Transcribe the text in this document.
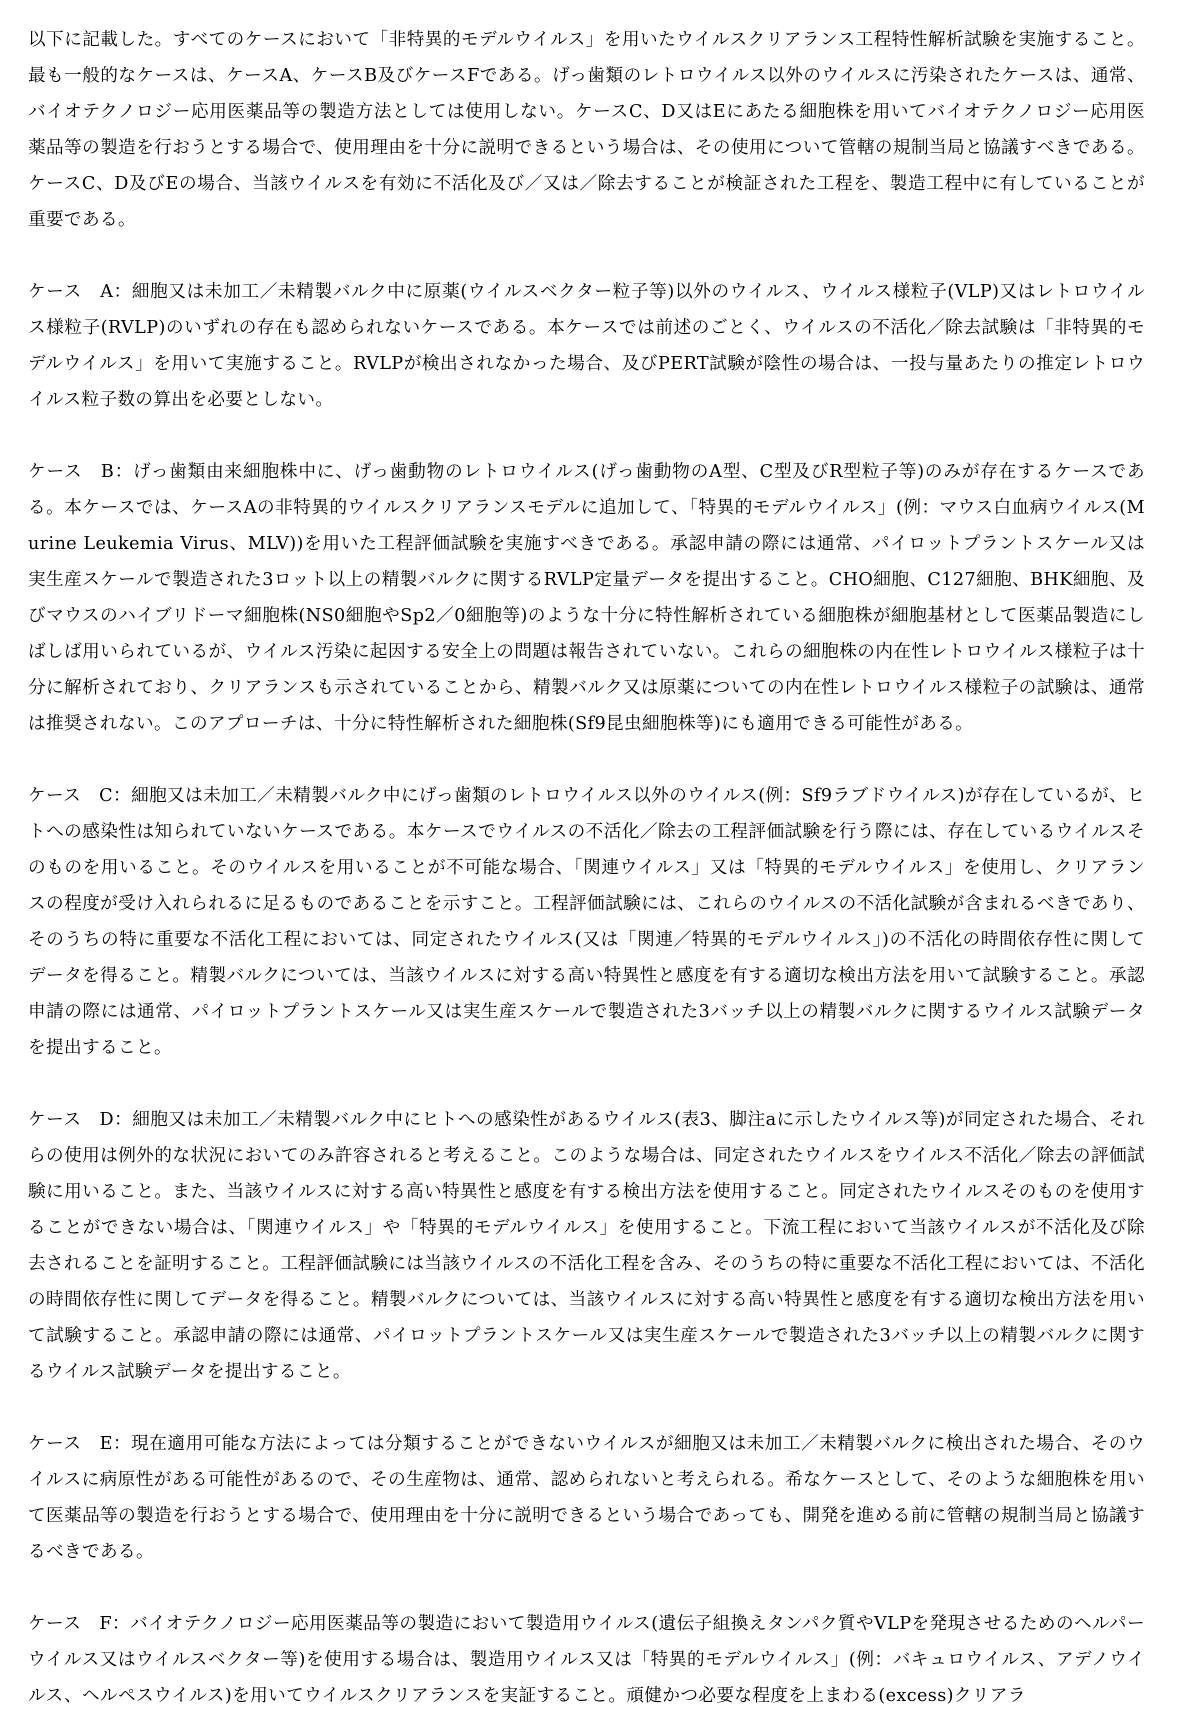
以下に記載した。すべてのケースにおいて「非特異的モデルウイルス」を用いたウイルスクリアランス工程特性解析試験を実施すること。最も一般的なケースは、ケースA、ケースB及びケースFである。げっ歯類のレトロウイルス以外のウイルスに汚染されたケースは、通常、バイオテクノロジー応用医薬品等の製造方法としては使用しない。ケースC、D又はEにあたる細胞株を用いてバイオテクノロジー応用医薬品等の製造を行おうとする場合で、使用理由を十分に説明できるという場合は、その使用について管轄の規制当局と協議すべきである。ケースC、D及びEの場合、当該ウイルスを有効に不活化及び／又は／除去することが検証された工程を、製造工程中に有していることが重要である。

ケース　A：細胞又は未加工／未精製バルク中に原薬(ウイルスベクター粒子等)以外のウイルス、ウイルス様粒子(VLP)又はレトロウイルス様粒子(RVLP)のいずれの存在も認められないケースである。本ケースでは前述のごとく、ウイルスの不活化／除去試験は「非特異的モデルウイルス」を用いて実施すること。RVLPが検出されなかった場合、及びPERT試験が陰性の場合は、一投与量あたりの推定レトロウイルス粒子数の算出を必要としない。

ケース　B：げっ歯類由来細胞株中に、げっ歯動物のレトロウイルス(げっ歯動物のA型、C型及びR型粒子等)のみが存在するケースである。本ケースでは、ケースAの非特異的ウイルスクリアランスモデルに追加して、「特異的モデルウイルス」(例：マウス白血病ウイルス(Murine Leukemia Virus、MLV))を用いた工程評価試験を実施すべきである。承認申請の際には通常、パイロットプラントスケール又は実生産スケールで製造された3ロット以上の精製バルクに関するRVLP定量データを提出すること。CHO細胞、C127細胞、BHK細胞、及びマウスのハイブリドーマ細胞株(NS0細胞やSp2／0細胞等)のような十分に特性解析されている細胞株が細胞基材として医薬品製造にしばしば用いられているが、ウイルス汚染に起因する安全上の問題は報告されていない。これらの細胞株の内在性レトロウイルス様粒子は十分に解析されており、クリアランスも示されていることから、精製バルク又は原薬についての内在性レトロウイルス様粒子の試験は、通常は推奨されない。このアプローチは、十分に特性解析された細胞株(Sf9昆虫細胞株等)にも適用できる可能性がある。

ケース　C：細胞又は未加工／未精製バルク中にげっ歯類のレトロウイルス以外のウイルス(例：Sf9ラブドウイルス)が存在しているが、ヒトへの感染性は知られていないケースである。本ケースでウイルスの不活化／除去の工程評価試験を行う際には、存在しているウイルスそのものを用いること。そのウイルスを用いることが不可能な場合、「関連ウイルス」又は「特異的モデルウイルス」を使用し、クリアランスの程度が受け入れられるに足るものであることを示すこと。工程評価試験には、これらのウイルスの不活化試験が含まれるべきであり、そのうちの特に重要な不活化工程においては、同定されたウイルス(又は「関連／特異的モデルウイルス」)の不活化の時間依存性に関してデータを得ること。精製バルクについては、当該ウイルスに対する高い特異性と感度を有する適切な検出方法を用いて試験すること。承認申請の際には通常、パイロットプラントスケール又は実生産スケールで製造された3バッチ以上の精製バルクに関するウイルス試験データを提出すること。

ケース　D：細胞又は未加工／未精製バルク中にヒトへの感染性があるウイルス(表3、脚注aに示したウイルス等)が同定された場合、それらの使用は例外的な状況においてのみ許容されると考えること。このような場合は、同定されたウイルスをウイルス不活化／除去の評価試験に用いること。また、当該ウイルスに対する高い特異性と感度を有する検出方法を使用すること。同定されたウイルスそのものを使用することができない場合は、「関連ウイルス」や「特異的モデルウイルス」を使用すること。下流工程において当該ウイルスが不活化及び除去されることを証明すること。工程評価試験には当該ウイルスの不活化工程を含み、そのうちの特に重要な不活化工程においては、不活化の時間依存性に関してデータを得ること。精製バルクについては、当該ウイルスに対する高い特異性と感度を有する適切な検出方法を用いて試験すること。承認申請の際には通常、パイロットプラントスケール又は実生産スケールで製造された3バッチ以上の精製バルクに関するウイルス試験データを提出すること。

ケース　E：現在適用可能な方法によっては分類することができないウイルスが細胞又は未加工／未精製バルクに検出された場合、そのウイルスに病原性がある可能性があるので、その生産物は、通常、認められないと考えられる。希なケースとして、そのような細胞株を用いて医薬品等の製造を行おうとする場合で、使用理由を十分に説明できるという場合であっても、開発を進める前に管轄の規制当局と協議するべきである。

ケース　F：バイオテクノロジー応用医薬品等の製造において製造用ウイルス(遺伝子組換えタンパク質やVLPを発現させるためのヘルパーウイルス又はウイルスベクター等)を使用する場合は、製造用ウイルス又は「特異的モデルウイルス」(例：バキュロウイルス、アデノウイルス、ヘルペスウイルス)を用いてウイルスクリアランスを実証すること。頑健かつ必要な程度を上まわる(excess)クリアラ
